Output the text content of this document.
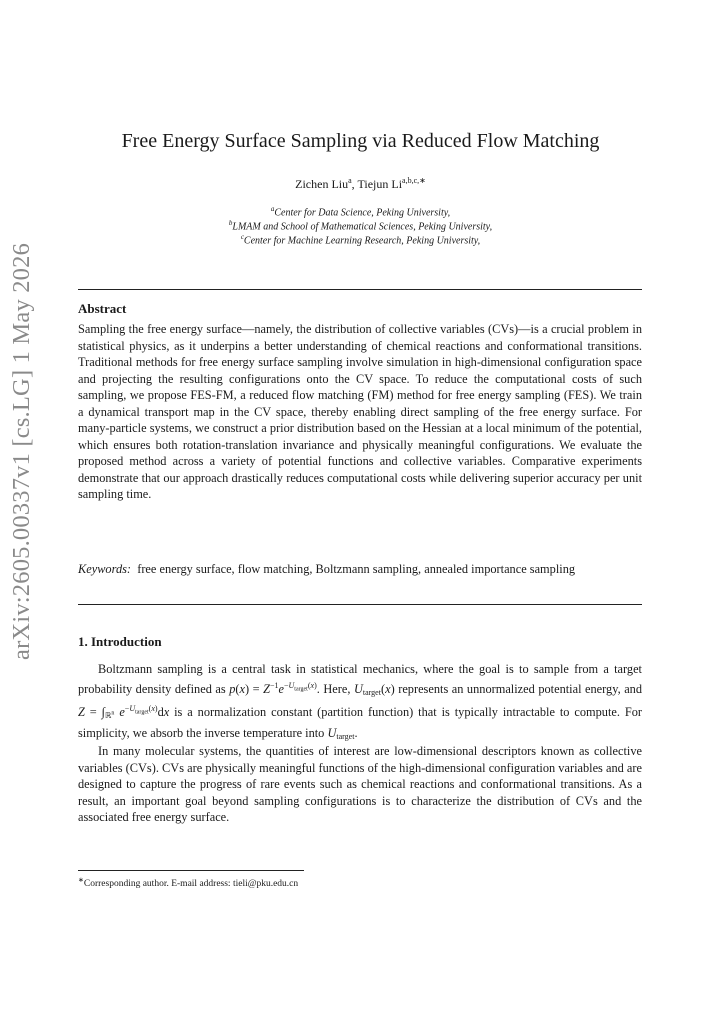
arXiv:2605.00337v1 [cs.LG] 1 May 2026
Free Energy Surface Sampling via Reduced Flow Matching
Zichen Liu$^a$, Tiejun $Li^{a,b,c,∗}$
$^a$Center for Data Science, Peking University,
$^b$LMAM and School of Mathematical Sciences, Peking University,
$^c$Center for Machine Learning Research, Peking University,
Abstract

Sampling the free energy surface—namely, the distribution of collective variables (CVs)—is a crucial problem in statistical physics, as it underpins a better understanding of chemical reactions and conformational transitions. Traditional methods for free energy surface sampling involve simulation in high-dimensional configuration space and projecting the resulting configurations onto the CV space. To reduce the computational costs of such sampling, we propose FES-FM, a reduced flow matching (FM) method for free energy sampling (FES). We train a dynamical transport map in the CV space, thereby enabling direct sampling of the free energy surface. For many-particle systems, we construct a prior distribution based on the Hessian at a local minimum of the potential, which ensures both rotation-translation invariance and physically meaningful configurations. We evaluate the proposed method across a variety of potential functions and collective variables. Comparative experiments demonstrate that our approach drastically reduces computational costs while delivering superior accuracy per unit sampling time.

Keywords: free energy surface, flow matching, Boltzmann sampling, annealed importance sampling

1. Introduction

Boltzmann sampling is a central task in statistical mechanics, where the goal is to sample from a target probability density defined as $p(x) = Z^{-1}e^{-U_{target}(x)}$. Here, $U_{target}(x)$ represents an unnormalized potential energy, and $Z = \int_{ℝ^n}$ $e^{-U_{target}(x)}dx$ is a normalization constant (partition function) that is typically intractable to compute. For simplicity, we absorb the inverse temperature into $U_{target}$.

In many molecular systems, the quantities of interest are low-dimensional descriptors known as collective variables (CVs). CVs are physically meaningful functions of the high-dimensional configuration variables and are designed to capture the progress of rare events such as chemical reactions and conformational transitions. As a result, an important goal beyond sampling configurations is to characterize the distribution of CVs and the associated free energy surface.

∗Corresponding author. E-mail address: tieli@pku.edu.cn
